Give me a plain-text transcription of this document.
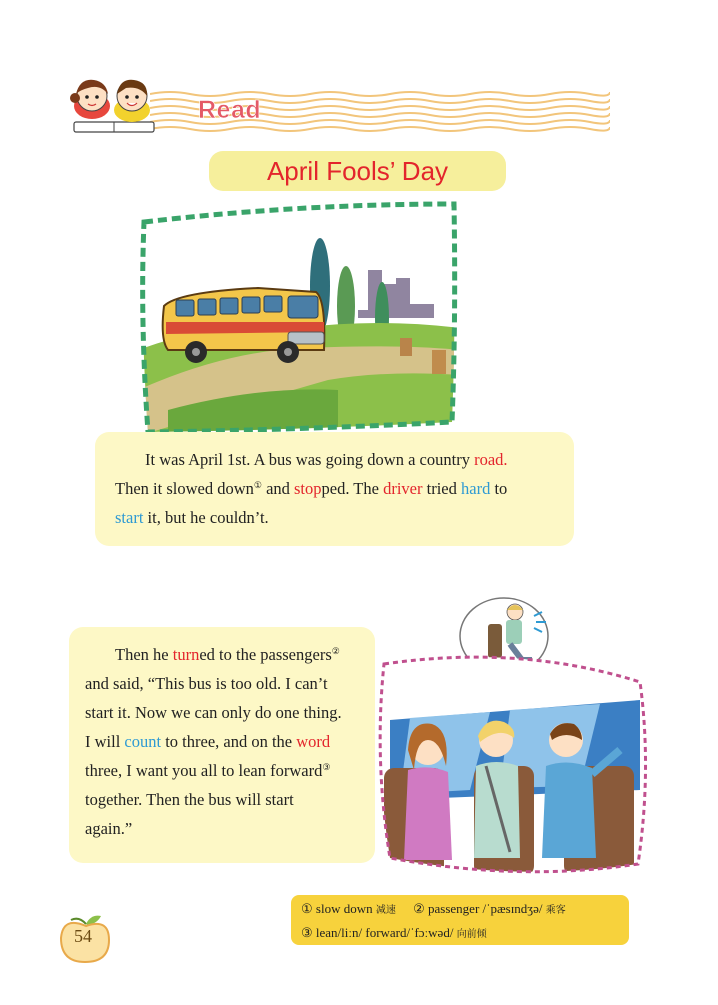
Read
April Fools’ Day
It was April 1st. A bus was going down a country road.
Then it slowed down① and stopped. The driver tried hard to
start it, but he couldn’t.
Then he turned to the passengers②
and said, “This bus is too old. I can’t
start it. Now we can only do one thing.
I will count to three, and on the word
three, I want you all to lean forward③
together. Then the bus will start
again.”
① slow down 减速 ② passenger /ˈpæsɪndʒə/ 乘客
③ lean/liːn/ forward/ˈfɔːwəd/ 向前倾
54
